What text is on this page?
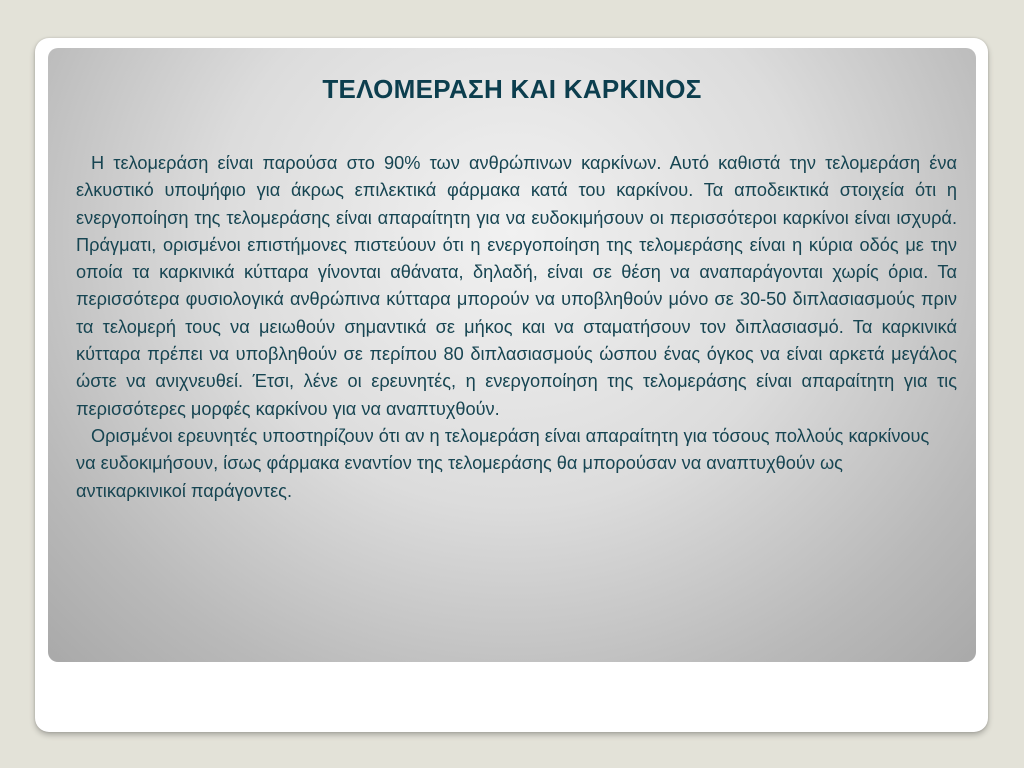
ΤΕΛΟΜΕΡΑΣΗ ΚΑΙ ΚΑΡΚΙΝΟΣ

Η τελομεράση είναι παρούσα στο 90% των ανθρώπινων καρκίνων. Αυτό καθιστά την τελομεράση ένα ελκυστικό υποψήφιο για άκρως επιλεκτικά φάρμακα κατά του καρκίνου. Τα αποδεικτικά στοιχεία ότι η ενεργοποίηση της τελομεράσης είναι απαραίτητη για να ευδοκιμήσουν οι περισσότεροι καρκίνοι είναι ισχυρά. Πράγματι, ορισμένοι επιστήμονες πιστεύουν ότι η ενεργοποίηση της τελομεράσης είναι η κύρια οδός με την οποία τα καρκινικά κύτταρα γίνονται αθάνατα, δηλαδή, είναι σε θέση να αναπαράγονται χωρίς όρια. Τα περισσότερα φυσιολογικά ανθρώπινα κύτταρα μπορούν να υποβληθούν μόνο σε 30-50 διπλασιασμούς πριν τα τελομερή τους να μειωθούν σημαντικά σε μήκος και να σταματήσουν τον διπλασιασμό. Τα καρκινικά κύτταρα πρέπει να υποβληθούν σε περίπου 80 διπλασιασμούς ώσπου ένας όγκος να είναι αρκετά μεγάλος ώστε να ανιχνευθεί. Έτσι, λένε οι ερευνητές, η ενεργοποίηση της τελομεράσης είναι απαραίτητη για τις περισσότερες μορφές καρκίνου για να αναπτυχθούν.

Ορισμένοι ερευνητές υποστηρίζουν ότι αν η τελομεράση είναι απαραίτητη για τόσους πολλούς καρκίνους να ευδοκιμήσουν, ίσως φάρμακα εναντίον της τελομεράσης θα μπορούσαν να αναπτυχθούν ως αντικαρκινικοί παράγοντες.
